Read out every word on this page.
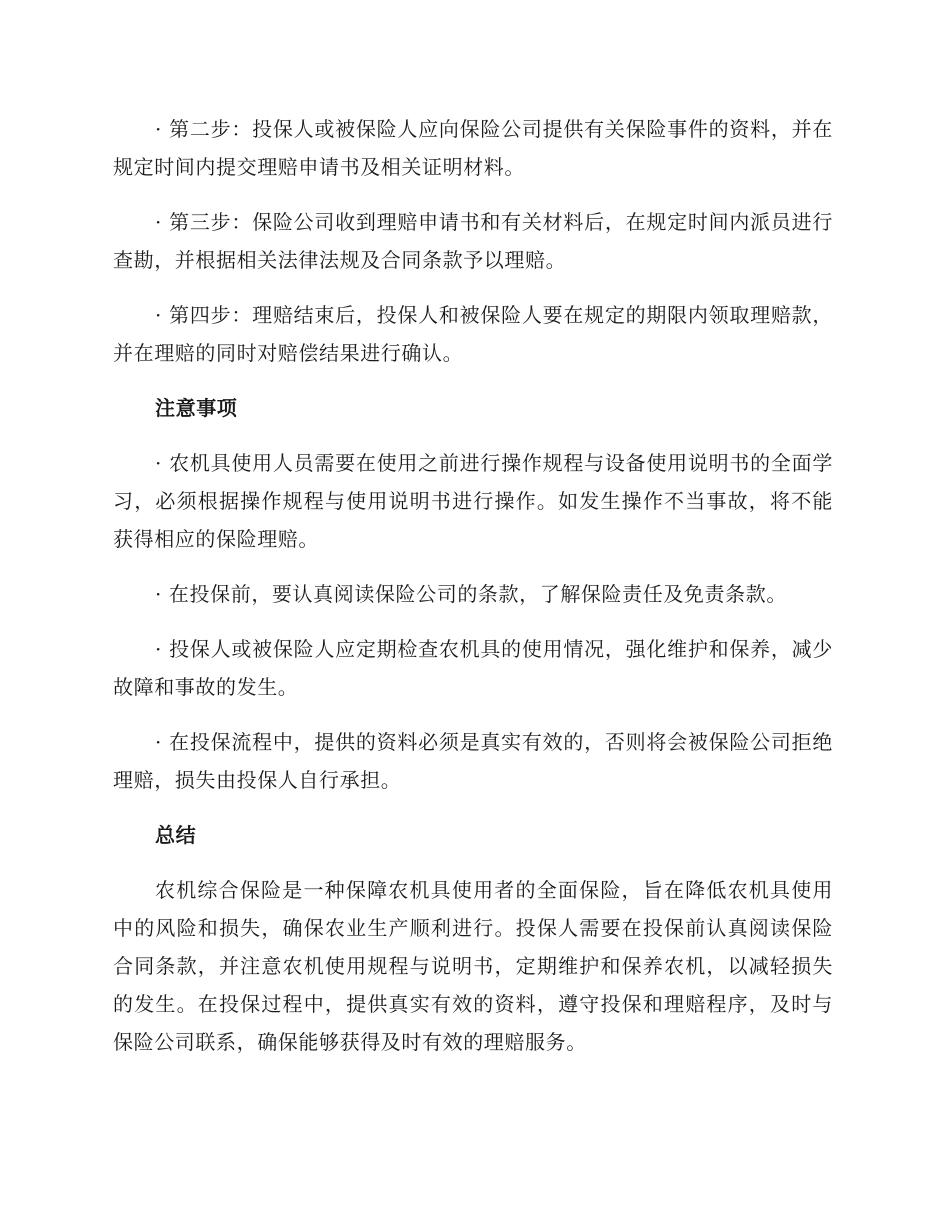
· 第二步：投保人或被保险人应向保险公司提供有关保险事件的资料，并在规定时间内提交理赔申请书及相关证明材料。

· 第三步：保险公司收到理赔申请书和有关材料后，在规定时间内派员进行查勘，并根据相关法律法规及合同条款予以理赔。

· 第四步：理赔结束后，投保人和被保险人要在规定的期限内领取理赔款，并在理赔的同时对赔偿结果进行确认。

注意事项

· 农机具使用人员需要在使用之前进行操作规程与设备使用说明书的全面学习，必须根据操作规程与使用说明书进行操作。如发生操作不当事故，将不能获得相应的保险理赔。

· 在投保前，要认真阅读保险公司的条款，了解保险责任及免责条款。

· 投保人或被保险人应定期检查农机具的使用情况，强化维护和保养，减少故障和事故的发生。

· 在投保流程中，提供的资料必须是真实有效的，否则将会被保险公司拒绝理赔，损失由投保人自行承担。

总结

农机综合保险是一种保障农机具使用者的全面保险，旨在降低农机具使用中的风险和损失，确保农业生产顺利进行。投保人需要在投保前认真阅读保险合同条款，并注意农机使用规程与说明书，定期维护和保养农机，以减轻损失的发生。在投保过程中，提供真实有效的资料，遵守投保和理赔程序，及时与保险公司联系，确保能够获得及时有效的理赔服务。
